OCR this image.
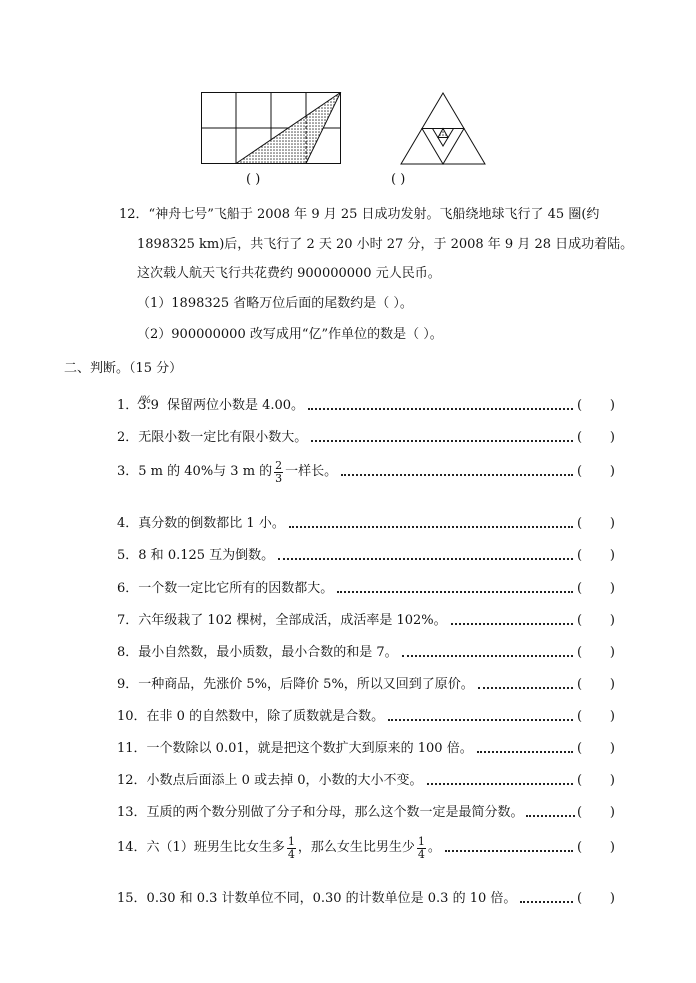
( )	( )
12．“神舟七号”飞船于 2008 年 9 月 25 日成功发射。飞船绕地球飞行了 45 圈(约
1898325 km)后，共飞行了 2 天 20 小时 27 分，于 2008 年 9 月 28 日成功着陆。
这次载人航天飞行共花费约 900000000 元人民币。
（1）1898325 省略万位后面的尾数约是（ ）。
（2）900000000 改写成用“亿”作单位的数是（ ）。
二、判断。（15 分）
1． 3.9 /% 保留两位小数是 4.00。	( )
2． 无限小数一定比有限小数大。	( )
3． 5 m 的 40%与 3 m 的 $\frac{2}{3}$ 一样长。	( )
4． 真分数的倒数都比 1 小。	( )
5． 8 和 0.125 互为倒数。	( )
6． 一个数一定比它所有的因数都大。	( )
7． 六年级栽了 102 棵树，全部成活，成活率是 102%。	( )
8． 最小自然数，最小质数，最小合数的和是 7。	( )
9． 一种商品，先涨价 5%，后降价 5%，所以又回到了原价。	( )
10． 在非 0 的自然数中，除了质数就是合数。	( )
11． 一个数除以 0.01，就是把这个数扩大到原来的 100 倍。	( )
12． 小数点后面添上 0 或去掉 0，小数的大小不变。	( )
13． 互质的两个数分别做了分子和分母，那么这个数一定是最简分数。	( )
14． 六（1）班男生比女生多 $\frac{1}{4}$ ，那么女生比男生少 $\frac{1}{4}$ 。	( )
15． 0.30 和 0.3 计数单位不同，0.30 的计数单位是 0.3 的 10 倍。	( )
